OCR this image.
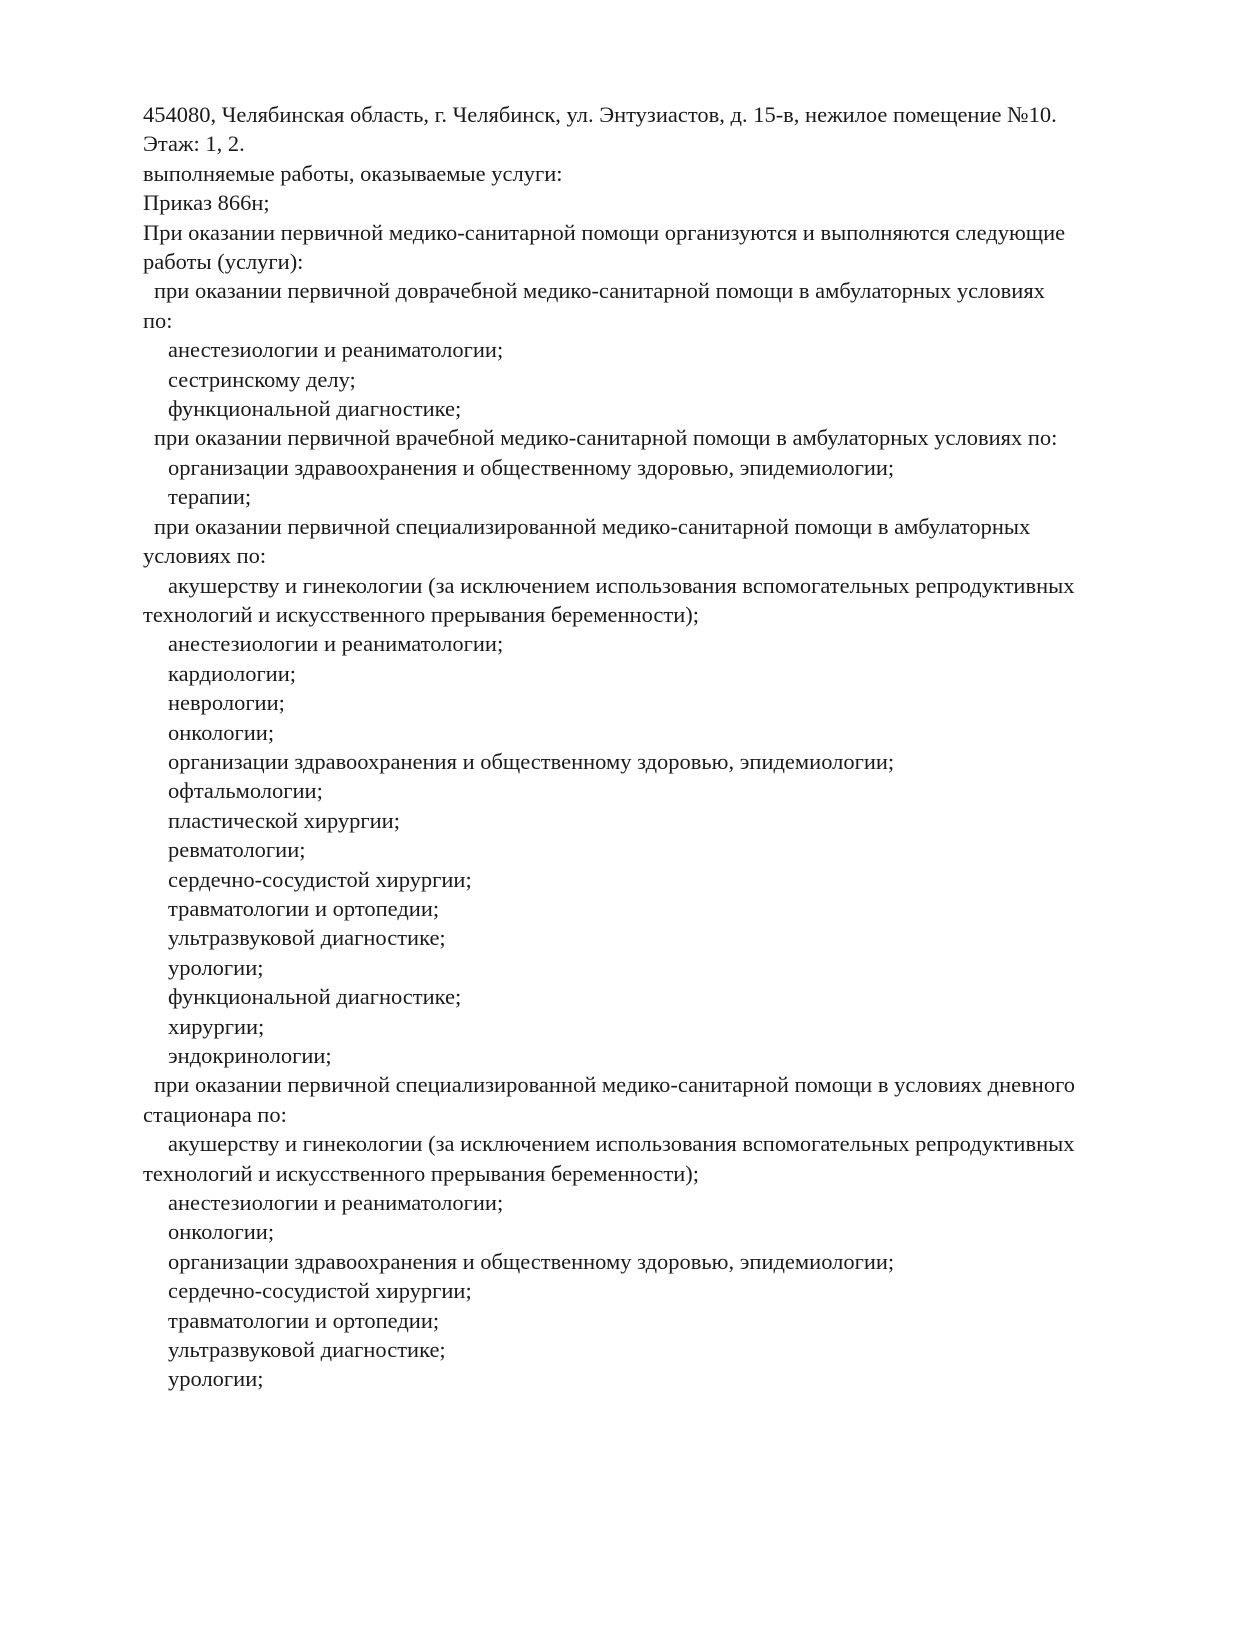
454080, Челябинская область, г. Челябинск, ул. Энтузиастов, д. 15-в, нежилое помещение №10.

Этаж: 1, 2.

выполняемые работы, оказываемые услуги:

Приказ 866н;

При оказании первичной медико-санитарной помощи организуются и выполняются следующие

работы (услуги):

при оказании первичной доврачебной медико-санитарной помощи в амбулаторных условиях

по:

анестезиологии и реаниматологии;

сестринскому делу;

функциональной диагностике;

при оказании первичной врачебной медико-санитарной помощи в амбулаторных условиях по:

организации здравоохранения и общественному здоровью, эпидемиологии;

терапии;

при оказании первичной специализированной медико-санитарной помощи в амбулаторных

условиях по:

акушерству и гинекологии (за исключением использования вспомогательных репродуктивных

технологий и искусственного прерывания беременности);

анестезиологии и реаниматологии;

кардиологии;

неврологии;

онкологии;

организации здравоохранения и общественному здоровью, эпидемиологии;

офтальмологии;

пластической хирургии;

ревматологии;

сердечно-сосудистой хирургии;

травматологии и ортопедии;

ультразвуковой диагностике;

урологии;

функциональной диагностике;

хирургии;

эндокринологии;

при оказании первичной специализированной медико-санитарной помощи в условиях дневного

стационара по:

акушерству и гинекологии (за исключением использования вспомогательных репродуктивных

технологий и искусственного прерывания беременности);

анестезиологии и реаниматологии;

онкологии;

организации здравоохранения и общественному здоровью, эпидемиологии;

сердечно-сосудистой хирургии;

травматологии и ортопедии;

ультразвуковой диагностике;

урологии;
